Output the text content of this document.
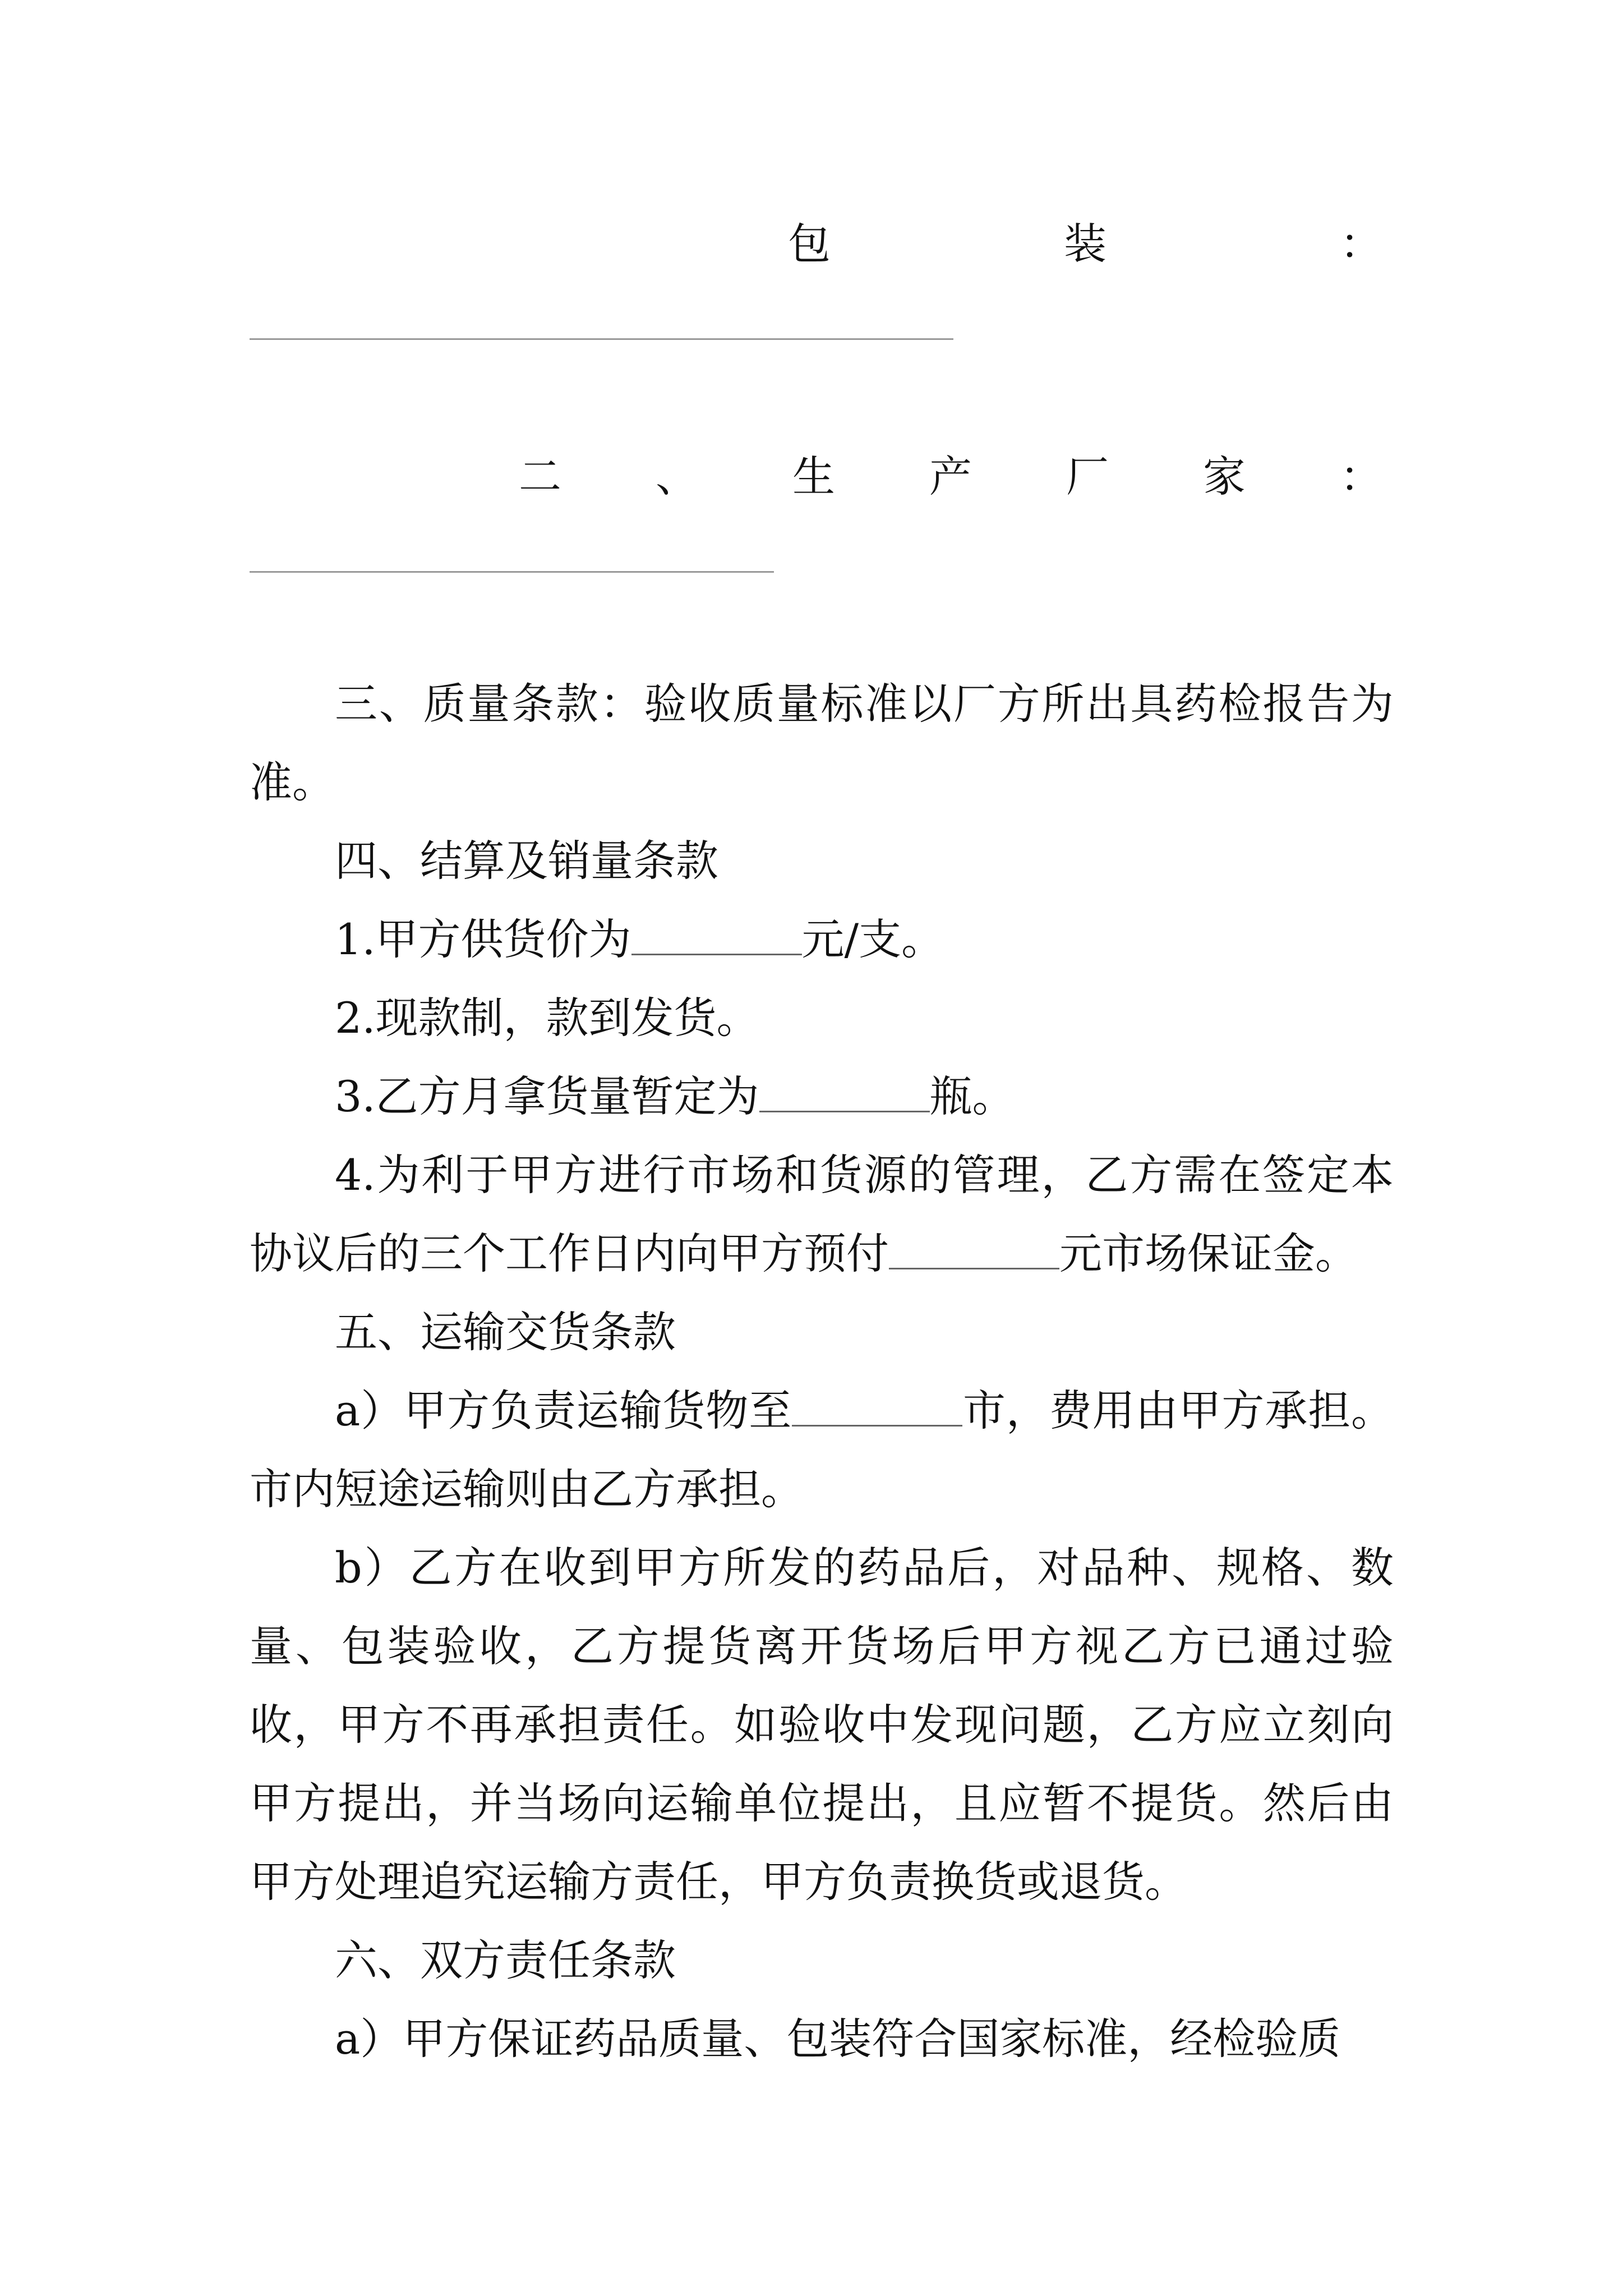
包	装	：
二 、 生 产 厂 家 ：

三、质量条款：验收质量标准以厂方所出具药检报告为准。

四、结算及销量条款

1.甲方供货价为	元/支。

2.现款制，款到发货。

3.乙方月拿货量暂定为	瓶。

4.为利于甲方进行市场和货源的管理，乙方需在签定本协议后的三个工作日内向甲方预付	元市场保证金。

五、运输交货条款

a）甲方负责运输货物至	市，费用由甲方承担。市内短途运输则由乙方承担。

b）乙方在收到甲方所发的药品后，对品种、规格、数量、包装验收，乙方提货离开货场后甲方视乙方已通过验收，甲方不再承担责任。如验收中发现问题，乙方应立刻向甲方提出，并当场向运输单位提出，且应暂不提货。然后由甲方处理追究运输方责任，甲方负责换货或退货。

六、双方责任条款

a）甲方保证药品质量、包装符合国家标准，经检验质
